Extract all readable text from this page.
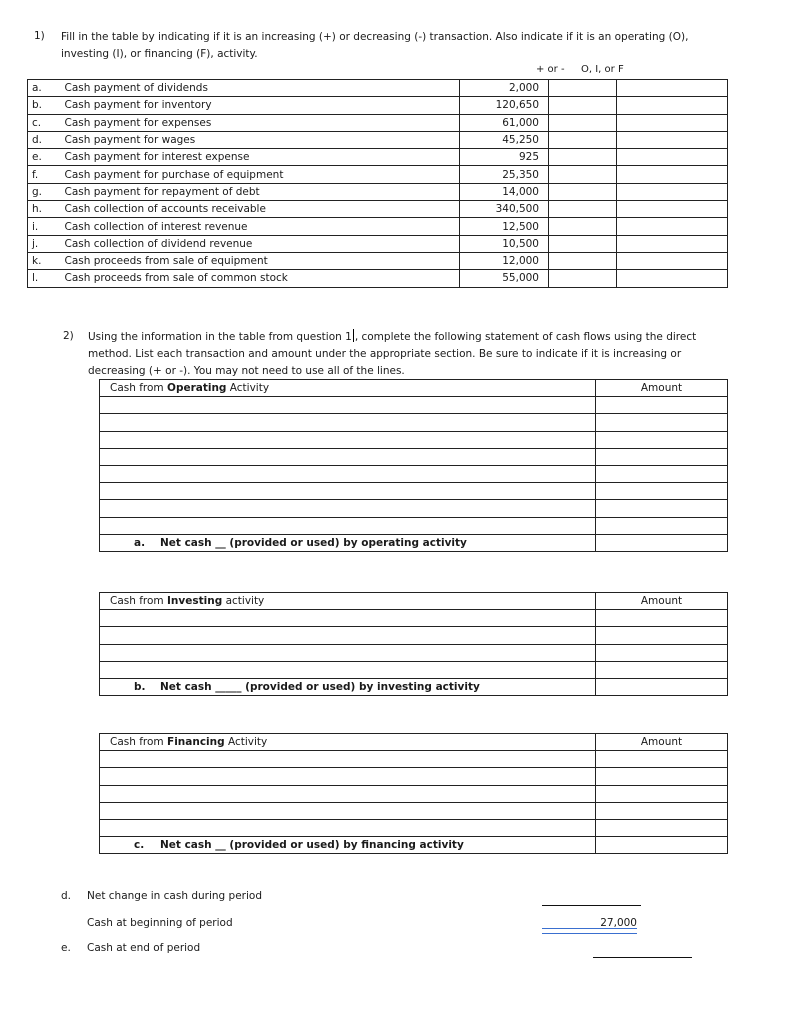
1) Fill in the table by indicating if it is an increasing (+) or decreasing (-) transaction. Also indicate if it is an operating (O),
investing (I), or financing (F), activity.
+ or - O, I, or F
a.	Cash payment of dividends	2,000		
b.	Cash payment for inventory	120,650		
c.	Cash payment for expenses	61,000		
d.	Cash payment for wages	45,250		
e.	Cash payment for interest expense	925		
f.	Cash payment for purchase of equipment	25,350		
g.	Cash payment for repayment of debt	14,000		
h.	Cash collection of accounts receivable	340,500		
i.	Cash collection of interest revenue	12,500		
j.	Cash collection of dividend revenue	10,500		
k.	Cash proceeds from sale of equipment	12,000		
l.	Cash proceeds from sale of common stock	55,000		
2) Using the information in the table from question 1 , complete the following statement of cash flows using the direct
method. List each transaction and amount under the appropriate section. Be sure to indicate if it is increasing or
decreasing (+ or -). You may not need to use all of the lines.
Cash from Operating Activity	Amount

a. Net cash __ (provided or used) by operating activity	
Cash from Investing activity	Amount

b. Net cash _____ (provided or used) by investing activity	
Cash from Financing Activity	Amount

c. Net cash __ (provided or used) by financing activity	
d. Net change in cash during period
Cash at beginning of period	27,000
e. Cash at end of period
